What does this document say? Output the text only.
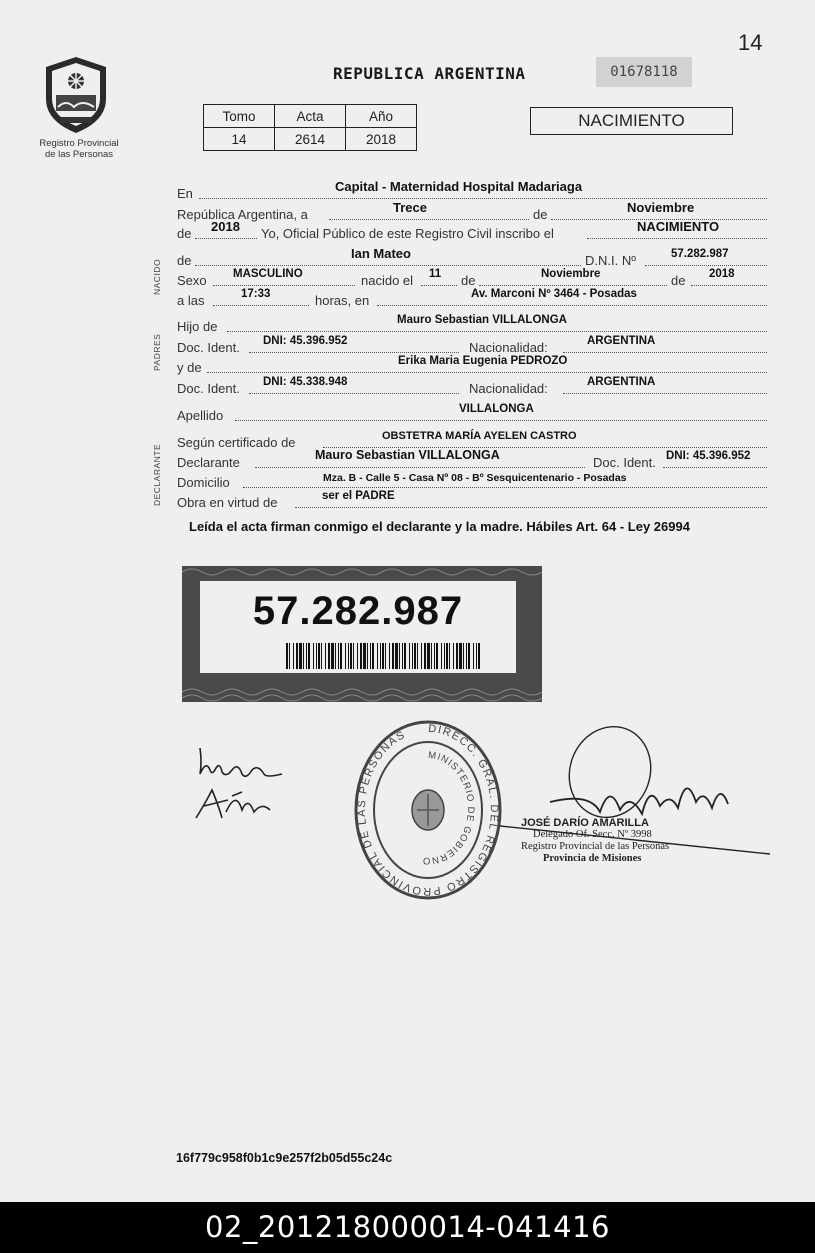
14
Registro Provincial
de las Personas
REPUBLICA ARGENTINA	01678118
Tomo	Acta	Año
14	2614	2018
NACIMIENTO
NACIDO
PADRES
DECLARANTE
En	Capital - Maternidad Hospital Madariaga
República Argentina, a	Trece	de	Noviembre
de 2018 Yo, Oficial Público de este Registro Civil inscribo el	NACIMIENTO
de	Ian Mateo	D.N.I. Nº	57.282.987
Sexo MASCULINO	nacido el 11 de	Noviembre	de 2018
a las	17:33	horas, en	Av. Marconi Nº 3464 - Posadas
Hijo de	Mauro Sebastian VILLALONGA
Doc. Ident. DNI: 45.396.952	Nacionalidad:	ARGENTINA
y de	Erika Maria Eugenia PEDROZO
Doc. Ident. DNI: 45.338.948	Nacionalidad:	ARGENTINA
Apellido	VILLALONGA
Según certificado de	OBSTETRA MARÍA AYELEN CASTRO
Declarante	Mauro Sebastian VILLALONGA	Doc. Ident. DNI: 45.396.952
Domicilio	Mza. B - Calle 5 - Casa Nº 08 - Bº Sesquicentenario - Posadas
Obra en virtud de	ser el PADRE
Leída el acta firman conmigo el declarante y la madre. Hábiles Art. 64 - Ley 26994
57.282.987
DIRECC. GRAL. DEL REGISTRO PROVINCIAL DE LAS PERSONAS
MINISTERIO DE GOBIERNO
JOSÉ DARÍO AMARILLA
Delegado Of. Secc. Nº 3998
Registro Provincial de las Personas
Provincia de Misiones
16f779c958f0b1c9e257f2b05d55c24c
02_201218000014-041416
